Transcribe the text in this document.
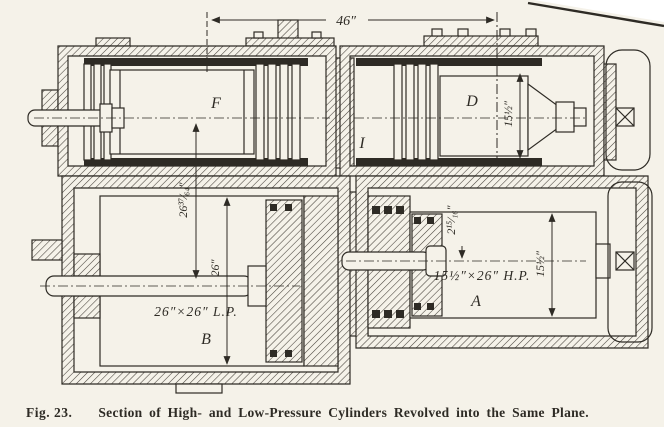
46″
26³⁷⁄₆₄″
26″
15½″
2¹⁵⁄₁₆″
15½″
F
I
D
26″×26″ L.P.
B
15½″×26″ H.P.
A
Fig. 23. Section of High- and Low-Pressure Cylinders Revolved into the Same Plane.
